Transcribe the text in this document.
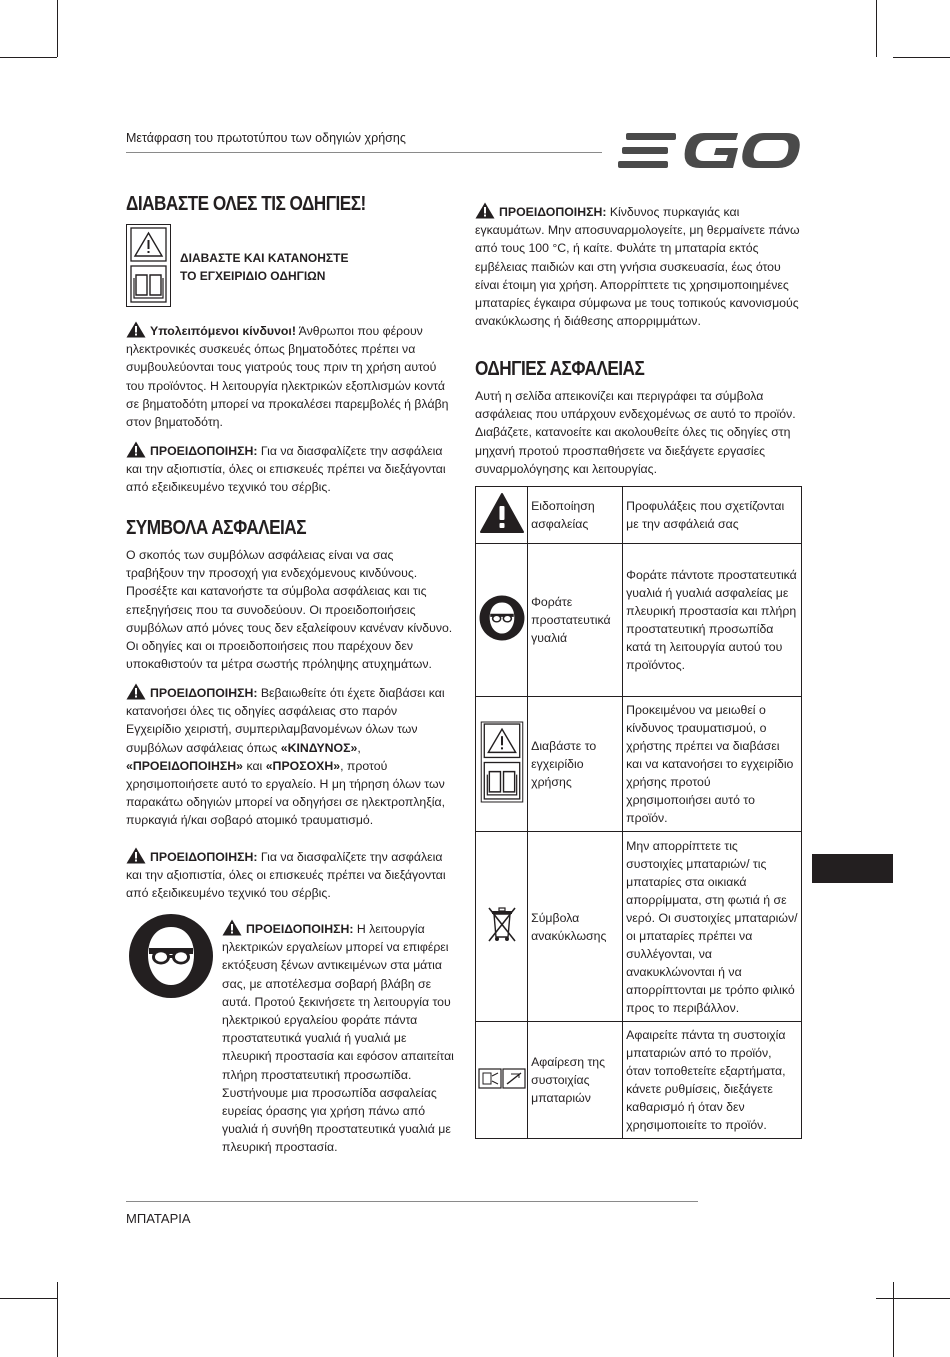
Μετάφραση του πρωτοτύπου των οδηγιών χρήσης
ΔΙΑΒΑΣΤΕ ΟΛΕΣ ΤΙΣ ΟΔΗΓΙΕΣ!
ΔΙΑΒΑΣΤΕ ΚΑΙ ΚΑΤΑΝΟΗΣΤΕ
ΤΟ ΕΓΧΕΙΡΙΔΙΟ ΟΔΗΓΙΩΝ
Υπολειπόμενοι κίνδυνοι! Άνθρωποι που φέρουν ηλεκτρονικές συσκευές όπως βηματοδότες πρέπει να συμβουλεύονται τους γιατρούς τους πριν τη χρήση αυτού του προϊόντος. Η λειτουργία ηλεκτρικών εξοπλισμών κοντά σε βηματοδότη μπορεί να προκαλέσει παρεμβολές ή βλάβη στον βηματοδότη.
ΠΡΟΕΙΔΟΠΟΙΗΣΗ: Για να διασφαλίζετε την ασφάλεια και την αξιοπιστία, όλες οι επισκευές πρέπει να διεξάγονται από εξειδικευμένο τεχνικό του σέρβις.
ΣΥΜΒΟΛΑ ΑΣΦΑΛΕΙΑΣ
Ο σκοπός των συμβόλων ασφάλειας είναι να σας τραβήξουν την προσοχή για ενδεχόμενους κινδύνους. Προσέξτε και κατανοήστε τα σύμβολα ασφάλειας και τις επεξηγήσεις που τα συνοδεύουν. Οι προειδοποιήσεις συμβόλων από μόνες τους δεν εξαλείφουν κανέναν κίνδυνο. Οι οδηγίες και οι προειδοποιήσεις που παρέχουν δεν υποκαθιστούν τα μέτρα σωστής πρόληψης ατυχημάτων.
ΠΡΟΕΙΔΟΠΟΙΗΣΗ: Βεβαιωθείτε ότι έχετε διαβάσει και κατανοήσει όλες τις οδηγίες ασφάλειας στο παρόν Εγχειρίδιο χειριστή, συμπεριλαμβανομένων όλων των συμβόλων ασφάλειας όπως «ΚΙΝΔΥΝΟΣ», «ΠΡΟΕΙΔΟΠΟΙΗΣΗ» και «ΠΡΟΣΟΧΗ», προτού χρησιμοποιήσετε αυτό το εργαλείο. Η μη τήρηση όλων των παρακάτω οδηγιών μπορεί να οδηγήσει σε ηλεκτροπληξία, πυρκαγιά ή/και σοβαρό ατομικό τραυματισμό.
ΠΡΟΕΙΔΟΠΟΙΗΣΗ: Για να διασφαλίζετε την ασφάλεια και την αξιοπιστία, όλες οι επισκευές πρέπει να διεξάγονται από εξειδικευμένο τεχνικό του σέρβις.
ΠΡΟΕΙΔΟΠΟΙΗΣΗ: Η λειτουργία ηλεκτρικών εργαλείων μπορεί να επιφέρει εκτόξευση ξένων αντικειμένων στα μάτια σας, με αποτέλεσμα σοβαρή βλάβη σε αυτά. Προτού ξεκινήσετε τη λειτουργία του ηλεκτρικού εργαλείου φοράτε πάντα προστατευτικά γυαλιά ή γυαλιά με πλευρική προστασία και εφόσον απαιτείται πλήρη προστατευτική προσωπίδα. Συστήνουμε μια προσωπίδα ασφαλείας ευρείας όρασης για χρήση πάνω από γυαλιά ή συνήθη προστατευτικά γυαλιά με πλευρική προστασία.
ΠΡΟΕΙΔΟΠΟΙΗΣΗ: Κίνδυνος πυρκαγιάς και εγκαυμάτων. Μην αποσυναρμολογείτε, μη θερμαίνετε πάνω από τους 100 °C, ή καίτε. Φυλάτε τη μπαταρία εκτός εμβέλειας παιδιών και στη γνήσια συσκευασία, έως ότου είναι έτοιμη για χρήση. Απορρίπτετε τις χρησιμοποιημένες μπαταρίες έγκαιρα σύμφωνα με τους τοπικούς κανονισμούς ανακύκλωσης ή διάθεσης απορριμμάτων.
ΟΔΗΓΙΕΣ ΑΣΦΑΛΕΙΑΣ
Αυτή η σελίδα απεικονίζει και περιγράφει τα σύμβολα ασφάλειας που υπάρχουν ενδεχομένως σε αυτό το προϊόν. Διαβάζετε, κατανοείτε και ακολουθείτε όλες τις οδηγίες στη μηχανή προτού προσπαθήσετε να διεξάγετε εργασίες συναρμολόγησης και λειτουργίας.
	Ειδοποίηση ασφαλείας	Προφυλάξεις που σχετίζονται με την ασφάλειά σας
	Φοράτε προστατευτικά γυαλιά	Φοράτε πάντοτε προστατευτικά γυαλιά ή γυαλιά ασφαλείας με πλευρική προστασία και πλήρη προστατευτική προσωπίδα κατά τη λειτουργία αυτού του προϊόντος.
	Διαβάστε το εγχειρίδιο χρήσης	Προκειμένου να μειωθεί ο κίνδυνος τραυματισμού, ο χρήστης πρέπει να διαβάσει και να κατανοήσει το εγχειρίδιο χρήσης προτού χρησιμοποιήσει αυτό το προϊόν.
	Σύμβολα ανακύκλωσης	Μην απορρίπτετε τις συστοιχίες μπαταριών/ τις μπαταρίες στα οικιακά απορρίμματα, στη φωτιά ή σε νερό. Οι συστοιχίες μπαταριών/οι μπαταρίες πρέπει να συλλέγονται, να ανακυκλώνονται ή να απορρίπτονται με τρόπο φιλικό προς το περιβάλλον.
	Αφαίρεση της συστοιχίας μπαταριών	Αφαιρείτε πάντα τη συστοιχία μπαταριών από το προϊόν, όταν τοποθετείτε εξαρτήματα, κάνετε ρυθμίσεις, διεξάγετε καθαρισμό ή όταν δεν χρησιμοποιείτε το προϊόν.
ΜΠΑΤΑΡΙΑ
